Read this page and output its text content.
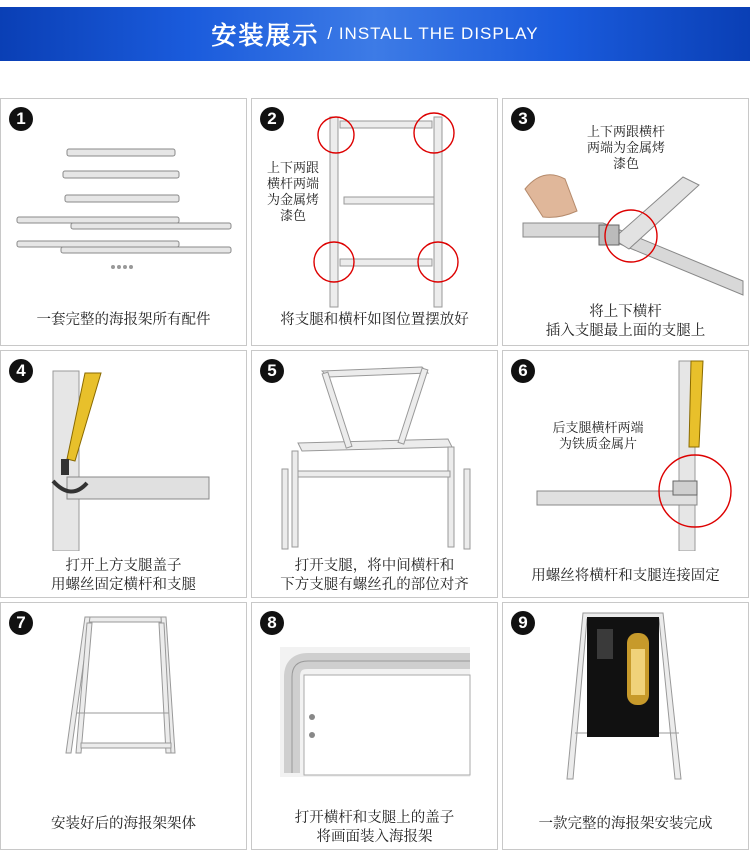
安装展示 / INSTALL THE DISPLAY
1
一套完整的海报架所有配件
2
上下两跟
横杆两端
为金属烤
漆色
将支腿和横杆如图位置摆放好
3
上下两跟横杆
两端为金属烤
漆色
将上下横杆
插入支腿最上面的支腿上
4
打开上方支腿盖子
用螺丝固定横杆和支腿
5
打开支腿，将中间横杆和
下方支腿有螺丝孔的部位对齐
6
后支腿横杆两端
为铁质金属片
用螺丝将横杆和支腿连接固定
7
安装好后的海报架架体
8
打开横杆和支腿上的盖子
将画面装入海报架
9
一款完整的海报架安装完成
